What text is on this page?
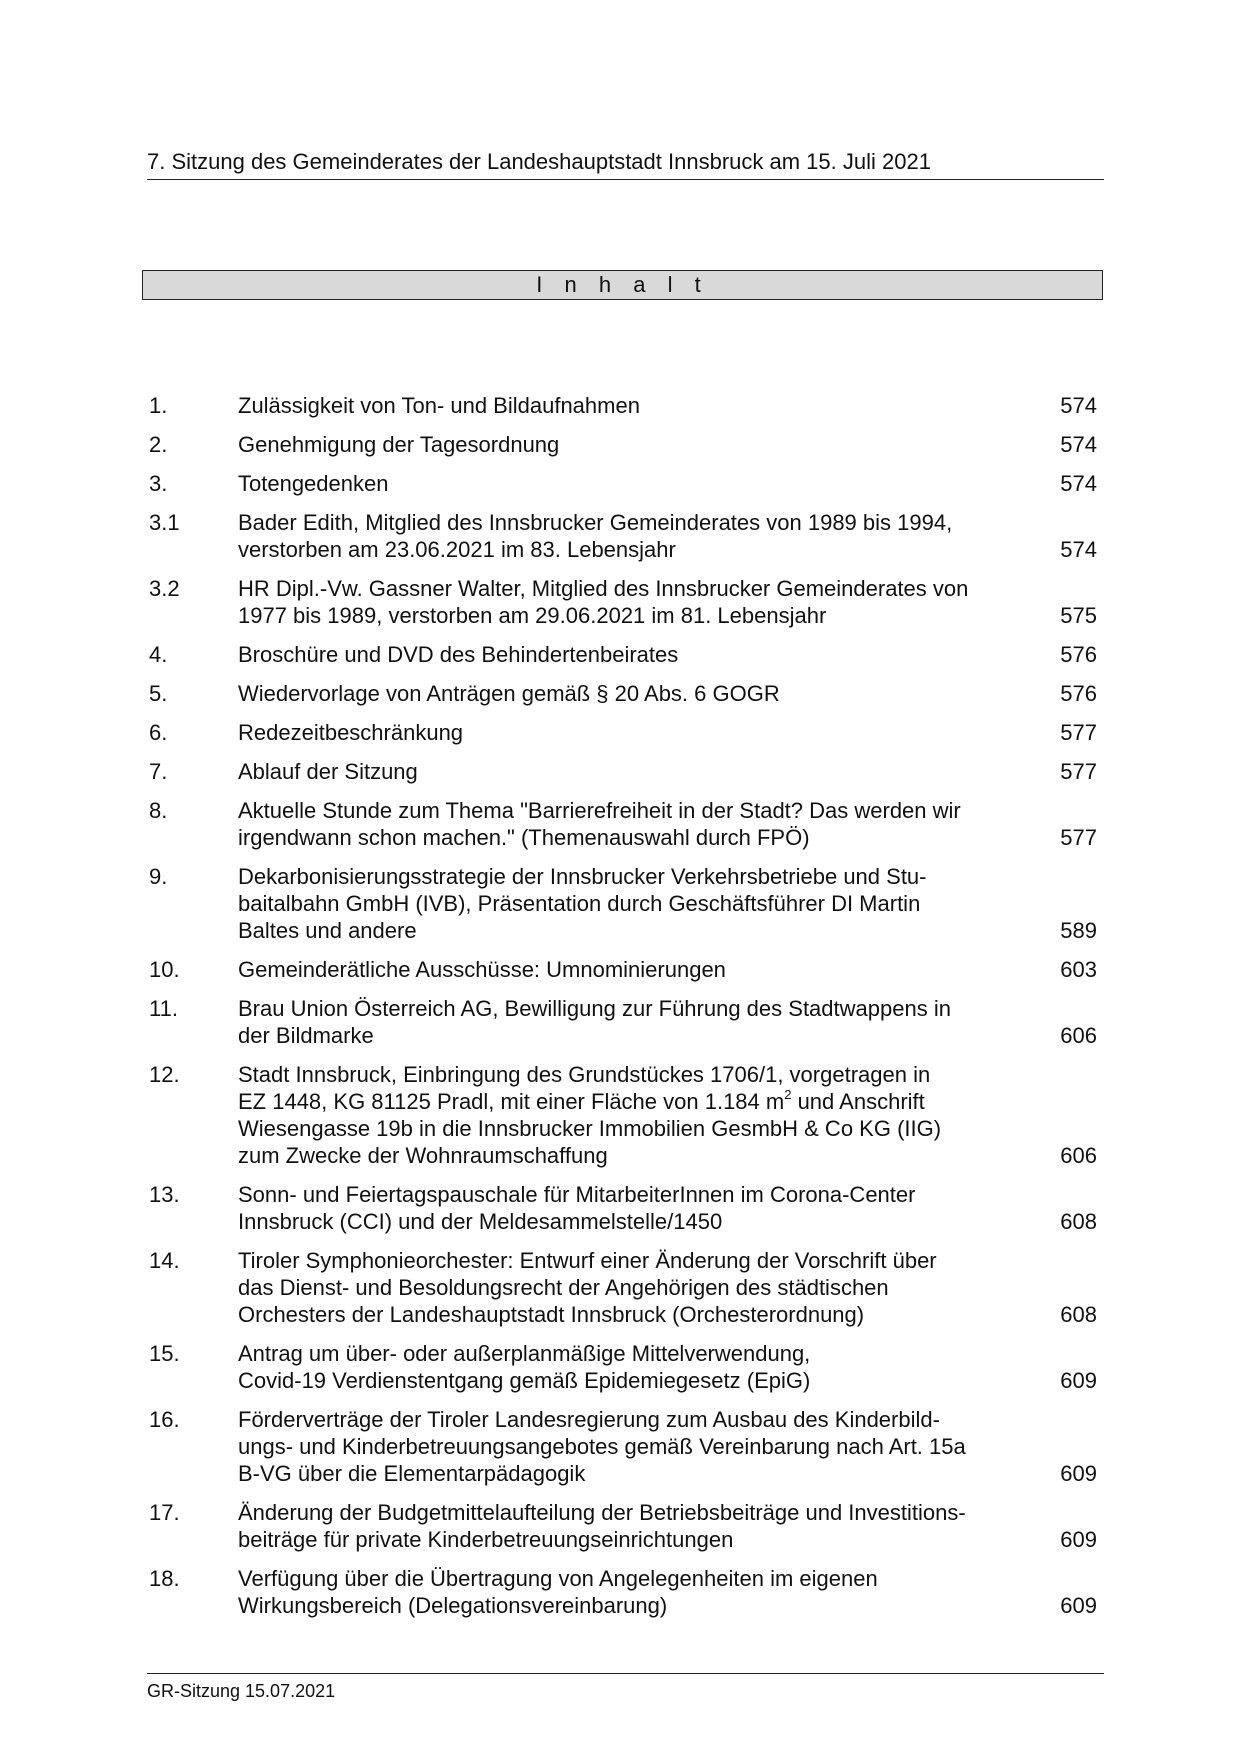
7. Sitzung des Gemeinderates der Landeshauptstadt Innsbruck am 15. Juli 2021
I n h a l t
1.	Zulässigkeit von Ton- und Bildaufnahmen	574
2.	Genehmigung der Tagesordnung	574
3.	Totengedenken	574
3.1	Bader Edith, Mitglied des Innsbrucker Gemeinderates von 1989 bis 1994,
verstorben am 23.06.2021 im 83. Lebensjahr	574
3.2	HR Dipl.-Vw. Gassner Walter, Mitglied des Innsbrucker Gemeinderates von
1977 bis 1989, verstorben am 29.06.2021 im 81. Lebensjahr	575
4.	Broschüre und DVD des Behindertenbeirates	576
5.	Wiedervorlage von Anträgen gemäß § 20 Abs. 6 GOGR	576
6.	Redezeitbeschränkung	577
7.	Ablauf der Sitzung	577
8.	Aktuelle Stunde zum Thema "Barrierefreiheit in der Stadt? Das werden wir
irgendwann schon machen." (Themenauswahl durch FPÖ)	577
9.	Dekarbonisierungsstrategie der Innsbrucker Verkehrsbetriebe und Stu-
baitalbahn GmbH (IVB), Präsentation durch Geschäftsführer DI Martin
Baltes und andere	589
10.	Gemeinderätliche Ausschüsse: Umnominierungen	603
11.	Brau Union Österreich AG, Bewilligung zur Führung des Stadtwappens in
der Bildmarke	606
12.	Stadt Innsbruck, Einbringung des Grundstückes 1706/1, vorgetragen in
EZ 1448, KG 81125 Pradl, mit einer Fläche von 1.184 $m^2$ und Anschrift
Wiesengasse 19b in die Innsbrucker Immobilien GesmbH & Co KG (IIG)
zum Zwecke der Wohnraumschaffung	606
13.	Sonn- und Feiertagspauschale für MitarbeiterInnen im Corona-Center
Innsbruck (CCI) und der Meldesammelstelle/1450	608
14.	Tiroler Symphonieorchester: Entwurf einer Änderung der Vorschrift über
das Dienst- und Besoldungsrecht der Angehörigen des städtischen
Orchesters der Landeshauptstadt Innsbruck (Orchesterordnung)	608
15.	Antrag um über- oder außerplanmäßige Mittelverwendung,
Covid-19 Verdienstentgang gemäß Epidemiegesetz (EpiG)	609
16.	Förderverträge der Tiroler Landesregierung zum Ausbau des Kinderbild-
ungs- und Kinderbetreuungsangebotes gemäß Vereinbarung nach Art. 15a
B-VG über die Elementarpädagogik	609
17.	Änderung der Budgetmittelaufteilung der Betriebsbeiträge und Investitions-
beiträge für private Kinderbetreuungseinrichtungen	609
18.	Verfügung über die Übertragung von Angelegenheiten im eigenen
Wirkungsbereich (Delegationsvereinbarung)	609
GR-Sitzung 15.07.2021
